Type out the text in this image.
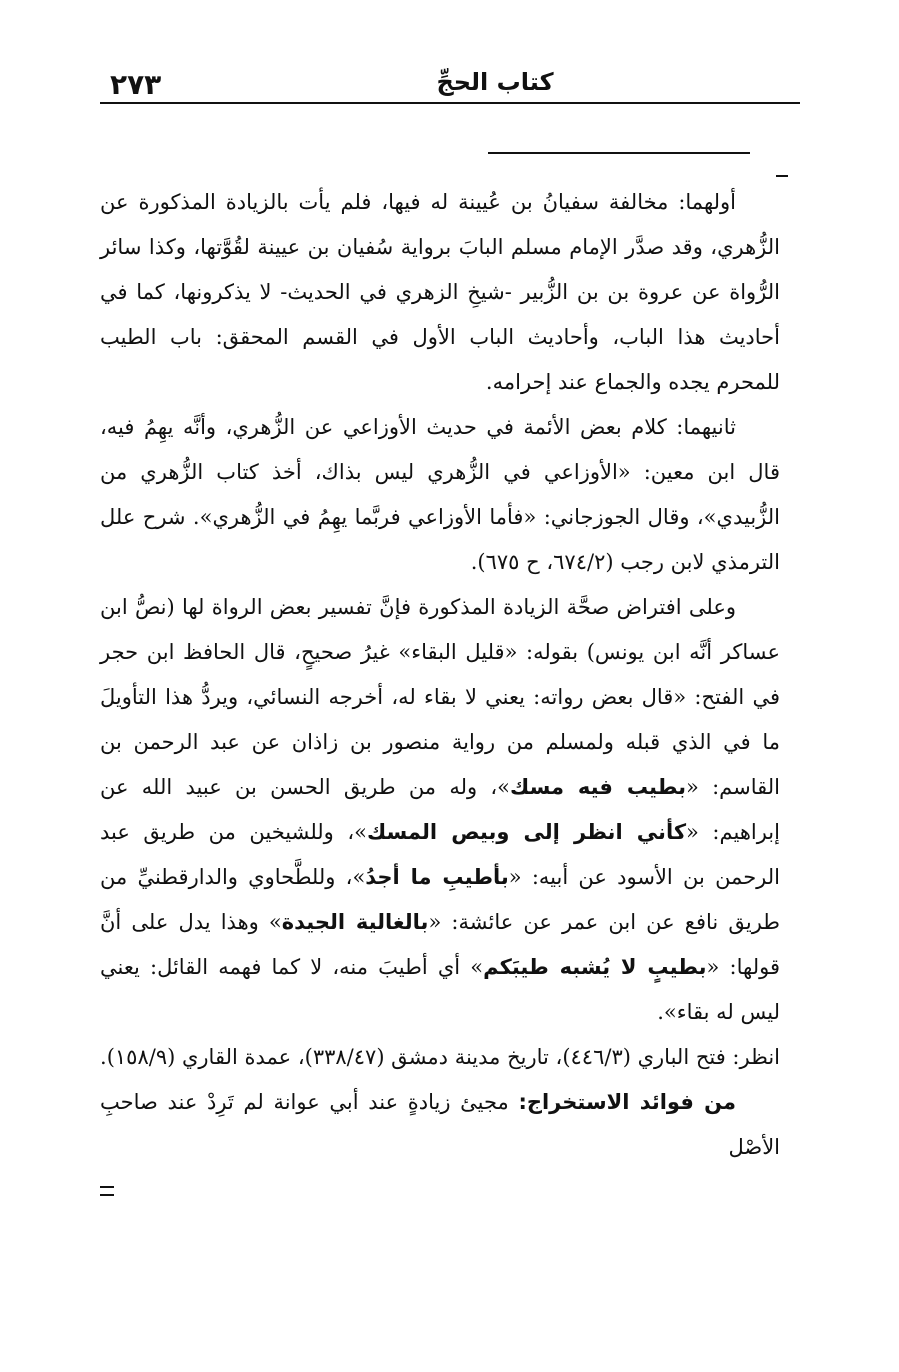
٢٧٣	كتاب الحجِّ

أولهما: مخالفة سفيانُ بن عُيينة له فيها، فلم يأت بالزيادة المذكورة عن الزُّهري، وقد صدَّر الإمام مسلم البابَ برواية سُفيان بن عيينة لقُوَّتها، وكذا سائر الرُّواة عن عروة بن بن الزُّبير -شيخِ الزهري في الحديث- لا يذكرونها، كما في أحاديث هذا الباب، وأحاديث الباب الأول في القسم المحقق: باب الطيب للمحرم يجده والجماع عند إحرامه.

ثانيهما: كلام بعض الأئمة في حديث الأوزاعي عن الزُّهري، وأنَّه يهِمُ فيه، قال ابن معين: «الأوزاعي في الزُّهري ليس بذاك، أخذ كتاب الزُّهري من الزُّبيدي»، وقال الجوزجاني: «فأما الأوزاعي فربَّما يهِمُ في الزُّهري». شرح علل الترمذي لابن رجب (٦٧٤/٢، ح ٦٧٥).

وعلى افتراض صحَّة الزيادة المذكورة فإنَّ تفسير بعض الرواة لها (نصُّ ابن عساكر أنَّه ابن يونس) بقوله: «قليل البقاء» غيرُ صحيحٍ، قال الحافظ ابن حجر في الفتح: «قال بعض رواته: يعني لا بقاء له، أخرجه النسائي، ويردُّ هذا التأويلَ ما في الذي قبله ولمسلم من رواية منصور بن زاذان عن عبد الرحمن بن القاسم: «بطيب فيه مسك»، وله من طريق الحسن بن عبيد الله عن إبراهيم: «كأني انظر إلى وبيص المسك»، وللشيخين من طريق عبد الرحمن بن الأسود عن أبيه: «بأطيبِ ما أجدُ»، وللطَّحاوي والدارقطنيِّ من طريق نافع عن ابن عمر عن عائشة: «بالغالية الجيدة» وهذا يدل على أنَّ قولها: «بطيبٍ لا يُشبه طيبَكم» أي أطيبَ منه، لا كما فهمه القائل: يعني ليس له بقاء».

انظر: فتح الباري (٤٤٦/٣)، تاريخ مدينة دمشق (٣٣٨/٤٧)، عمدة القاري (١٥٨/٩).

من فوائد الاستخراج: مجيئ زيادةٍ عند أبي عوانة لم تَرِدْ عند صاحبِ الأصْل
